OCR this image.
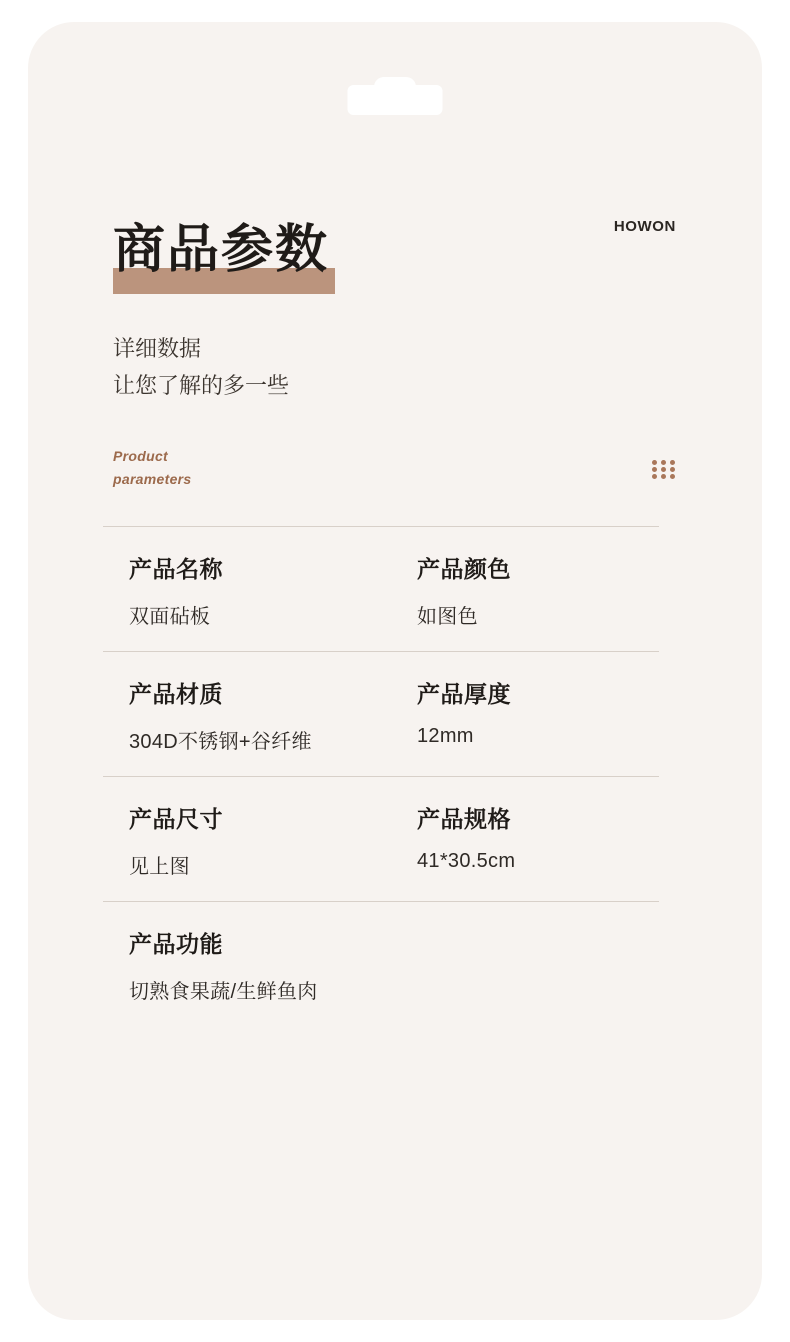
HOWON
商品参数
详细数据
让您了解的多一些
Product
parameters
产品名称
双面砧板
产品颜色
如图色
产品材质
304D不锈钢+谷纤维
产品厚度
12mm
产品尺寸
见上图
产品规格
41*30.5cm
产品功能
切熟食果蔬/生鲜鱼肉
